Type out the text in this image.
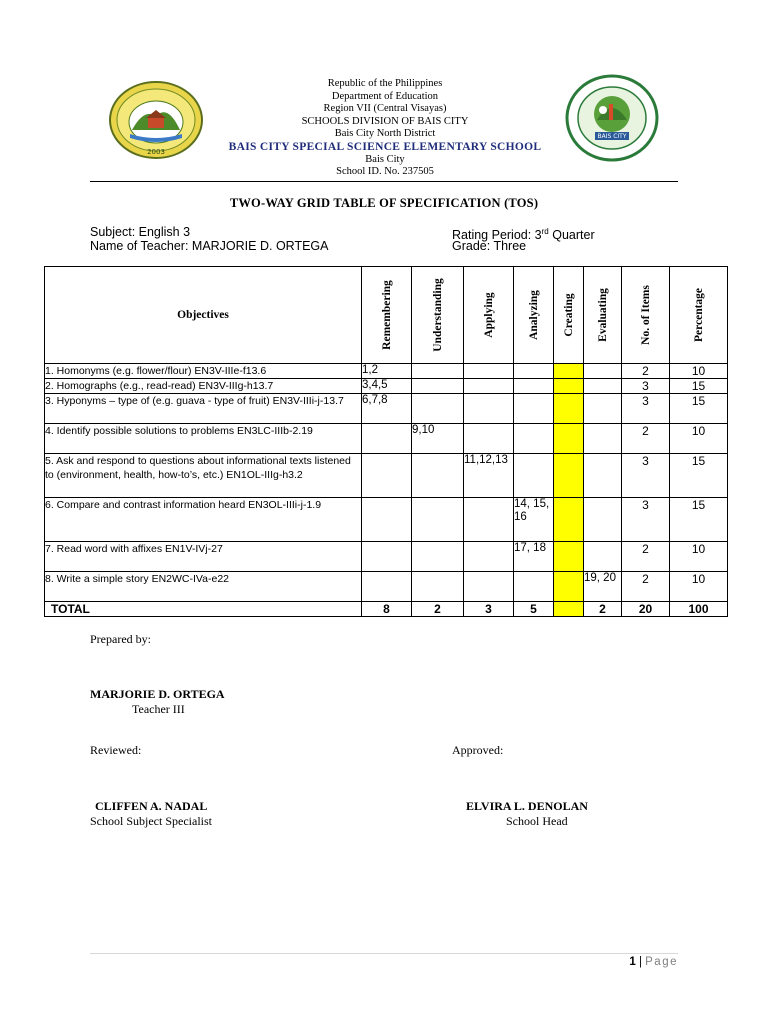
2003
BAIS CITY
Republic of the Philippines
Department of Education
Region VII (Central Visayas)
SCHOOLS DIVISION OF BAIS CITY
Bais City North District
BAIS CITY SPECIAL SCIENCE ELEMENTARY SCHOOL
Bais City
School ID. No. 237505
TWO-WAY GRID TABLE OF SPECIFICATION (TOS)
Subject: English 3
Name of Teacher: MARJORIE D. ORTEGA
Rating Period: 3rd Quarter
Grade: Three
Objectives	Remembering	Understanding	Applying	Analyzing	Creating	Evaluating	No. of Items	Percentage

1. Homonyms (e.g. flower/flour) EN3V-IIIe-f13.6	1,2						2	10
2. Homographs (e.g., read-read) EN3V-IIIg-h13.7	3,4,5						3	15
3. Hyponyms – type of (e.g. guava - type of fruit) EN3V-IIIi-j-13.7	6,7,8						3	15
4. Identify possible solutions to problems EN3LC-IIIb-2.19		9,10					2	10
5. Ask and respond to questions about informational texts listened to (environment, health, how-to’s, etc.) EN1OL-IIIg-h3.2			11,12,13				3	15
6. Compare and contrast information heard EN3OL-IIIi-j-1.9				14, 15, 16			3	15
7. Read word with affixes EN1V-IVj-27				17, 18			2	10
8. Write a simple story EN2WC-IVa-e22						19, 20	2	10
TOTAL	8	2	3	5		2	20	100
Prepared by:
MARJORIE D. ORTEGA
Teacher III
Reviewed:
CLIFFEN A. NADAL
School Subject Specialist
Approved:
ELVIRA L. DENOLAN
School Head
1 | Page
